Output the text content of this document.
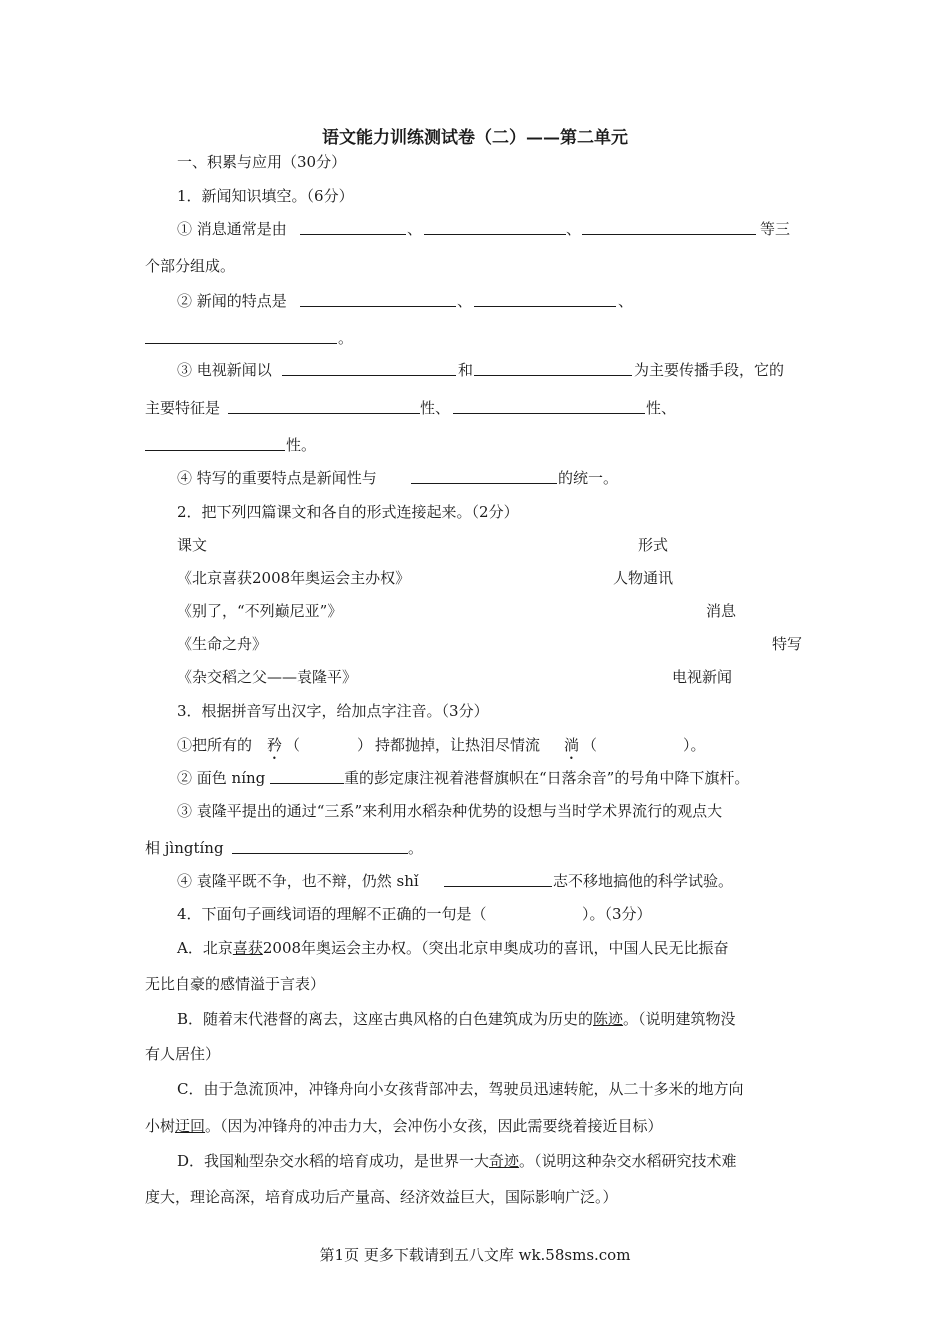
语文能力训练测试卷（二）——第二单元
一、积累与应用（30分）
1．新闻知识填空。（6分）
① 消息通常是由	、	、	等三
个部分组成。
② 新闻的特点是	、	、
。
③ 电视新闻以	和	为主要传播手段，它的
主要特征是	性、	性、
性。
④ 特写的重要特点是新闻性与	的统一。
2．把下列四篇课文和各自的形式连接起来。（2分）
课文	形式
《北京喜获2008年奥运会主办权》	人物通讯
《别了，“不列巅尼亚”》	消息
《生命之舟》	特写
《杂交稻之父——袁隆平》	电视新闻
3．根据拼音写出汉字，给加点字注音。（3分）
①把所有的 矜 （	） 持都抛掉，让热泪尽情流 淌 （	）。
② 面色 níng	重的彭定康注视着港督旗帜在“日落余音”的号角中降下旗杆。
③ 袁隆平提出的通过“三系”来利用水稻杂种优势的设想与当时学术界流行的观点大
相 jìngtíng	。
④ 袁隆平既不争，也不辩，仍然 shǐ	志不移地搞他的科学试验。
4．下面句子画线词语的理解不正确的一句是（	）。（3分）
A．北京喜获2008年奥运会主办权。（突出北京申奥成功的喜讯，中国人民无比振奋
无比自豪的感情溢于言表）
B．随着末代港督的离去，这座古典风格的白色建筑成为历史的陈迹。（说明建筑物没
有人居住）
C．由于急流顶冲，冲锋舟向小女孩背部冲去，驾驶员迅速转舵，从二十多米的地方向
小树迂回。（因为冲锋舟的冲击力大，会冲伤小女孩，因此需要绕着接近目标）
D．我国籼型杂交水稻的培育成功，是世界一大奇迹。（说明这种杂交水稻研究技术难
度大，理论高深，培育成功后产量高、经济效益巨大，国际影响广泛。）
第1页 更多下载请到五八文库 wk.58sms.com
